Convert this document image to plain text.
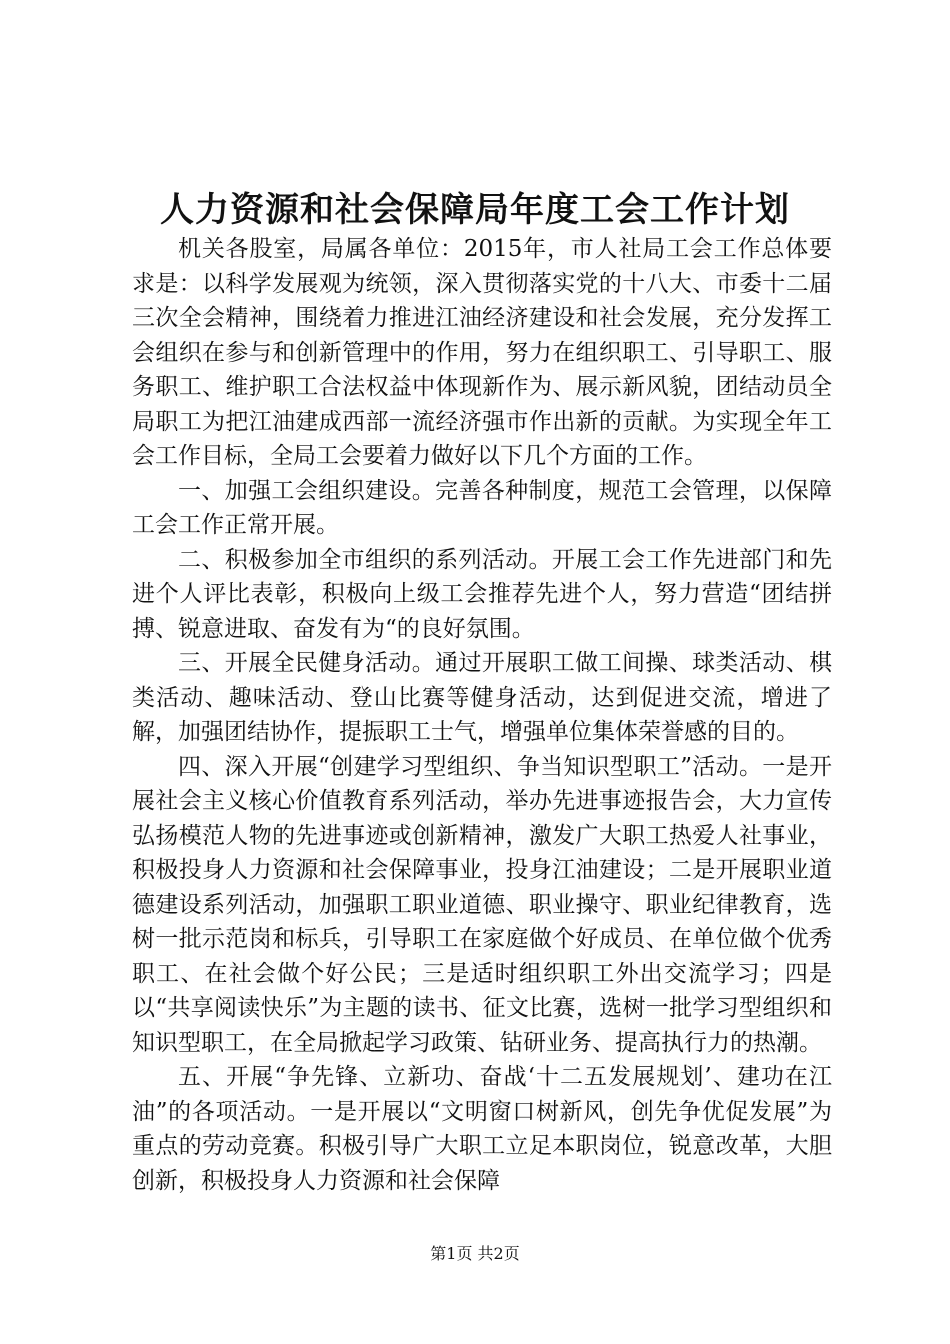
人力资源和社会保障局年度工会工作计划

机关各股室，局属各单位：2015年，市人社局工会工作总体要求是：以科学发展观为统领，深入贯彻落实党的十八大、市委十二届三次全会精神，围绕着力推进江油经济建设和社会发展，充分发挥工会组织在参与和创新管理中的作用，努力在组织职工、引导职工、服务职工、维护职工合法权益中体现新作为、展示新风貌，团结动员全局职工为把江油建成西部一流经济强市作出新的贡献。为实现全年工会工作目标，全局工会要着力做好以下几个方面的工作。

一、加强工会组织建设。完善各种制度，规范工会管理，以保障工会工作正常开展。

二、积极参加全市组织的系列活动。开展工会工作先进部门和先进个人评比表彰，积极向上级工会推荐先进个人，努力营造“团结拼搏、锐意进取、奋发有为“的良好氛围。

三、开展全民健身活动。通过开展职工做工间操、球类活动、棋类活动、趣味活动、登山比赛等健身活动，达到促进交流，增进了解，加强团结协作，提振职工士气，增强单位集体荣誉感的目的。

四、深入开展“创建学习型组织、争当知识型职工”活动。一是开展社会主义核心价值教育系列活动，举办先进事迹报告会，大力宣传弘扬模范人物的先进事迹或创新精神，激发广大职工热爱人社事业，积极投身人力资源和社会保障事业，投身江油建设；二是开展职业道德建设系列活动，加强职工职业道德、职业操守、职业纪律教育，选树一批示范岗和标兵，引导职工在家庭做个好成员、在单位做个优秀职工、在社会做个好公民；三是适时组织职工外出交流学习；四是以“共享阅读快乐”为主题的读书、征文比赛，选树一批学习型组织和知识型职工，在全局掀起学习政策、钻研业务、提高执行力的热潮。

五、开展“争先锋、立新功、奋战‘十二五发展规划’、建功在江油”的各项活动。一是开展以“文明窗口树新风，创先争优促发展”为重点的劳动竞赛。积极引导广大职工立足本职岗位，锐意改革，大胆创新，积极投身人力资源和社会保障

第1页 共2页
